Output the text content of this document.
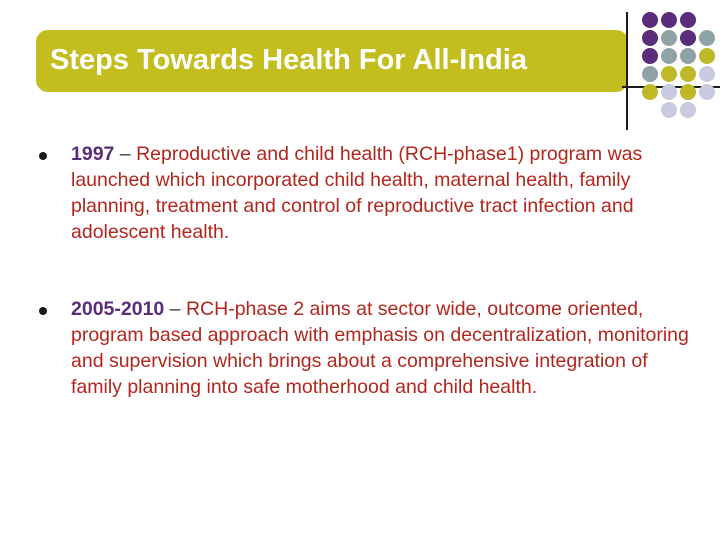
Steps Towards Health For All-India
1997 – Reproductive and child health (RCH-phase1) program was launched which incorporated child health, maternal health, family planning, treatment and control of reproductive tract infection and adolescent health.
2005-2010 – RCH-phase 2 aims at sector wide, outcome oriented, program based approach with emphasis on decentralization, monitoring and supervision which brings about a comprehensive integration of family planning into safe motherhood and child health.
